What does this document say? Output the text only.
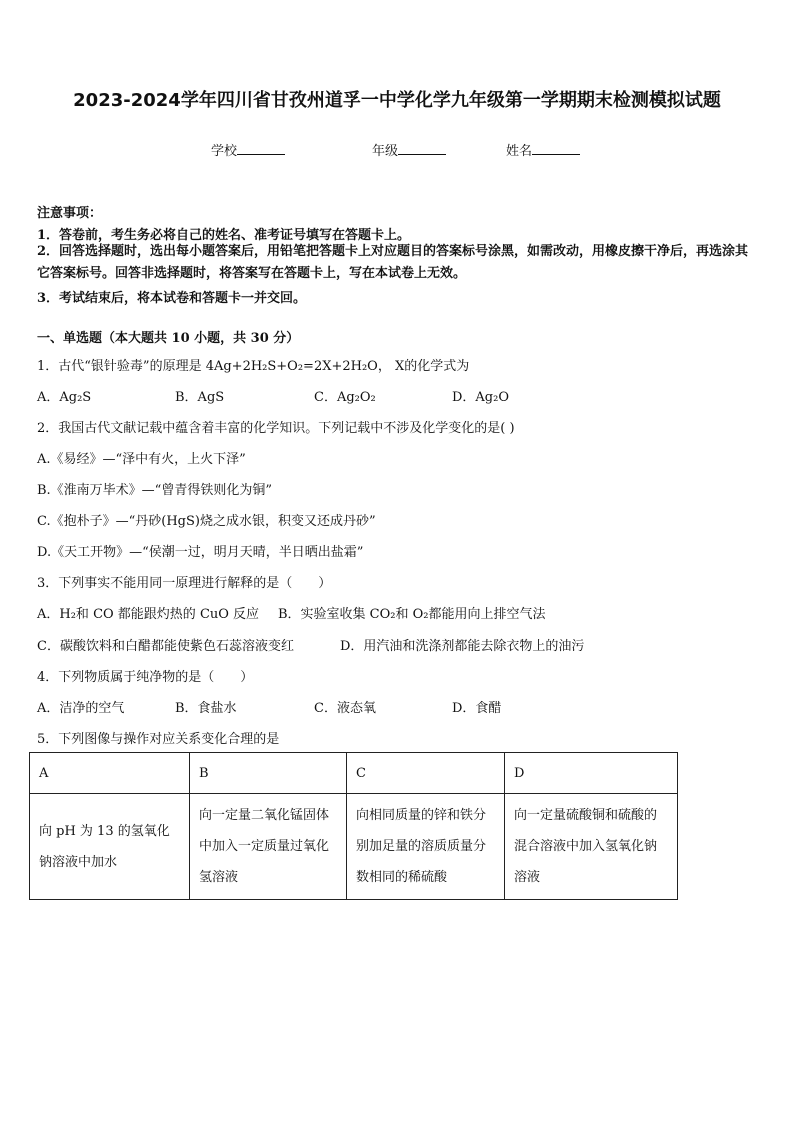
2023-2024学年四川省甘孜州道孚一中学化学九年级第一学期期末检测模拟试题
学校	年级	姓名
注意事项：
1．答卷前，考生务必将自己的姓名、准考证号填写在答题卡上。
2．回答选择题时，选出每小题答案后，用铅笔把答题卡上对应题目的答案标号涂黑，如需改动，用橡皮擦干净后，再选涂其它答案标号。回答非选择题时，将答案写在答题卡上，写在本试卷上无效。
3．考试结束后，将本试卷和答题卡一并交回。
一、单选题（本大题共 10 小题，共 30 分）
1．古代“银针验毒”的原理是 4Ag+2H₂S+O₂=2X+2H₂O， X的化学式为
A．Ag₂S	B．AgS	C．Ag₂O₂	D．Ag₂O
2．我国古代文献记载中蕴含着丰富的化学知识。下列记载中不涉及化学变化的是( )
A.《易经》—“泽中有火，上火下泽”
B.《淮南万毕术》—“曾青得铁则化为铜”
C.《抱朴子》—“丹砂(HgS)烧之成水银，积变又还成丹砂”
D.《天工开物》—“侯潮一过，明月天晴，半日晒出盐霜”
3．下列事实不能用同一原理进行解释的是（　　）
A．H₂和 CO 都能跟灼热的 CuO 反应 B．实验室收集 CO₂和 O₂都能用向上排空气法
C．碳酸饮料和白醋都能使紫色石蕊溶液变红	D．用汽油和洗涤剂都能去除衣物上的油污
4．下列物质属于纯净物的是（　　）
A．洁净的空气	B．食盐水	C．液态氧	D．食醋
5．下列图像与操作对应关系变化合理的是
A	B	C	D
向 pH 为 13 的氢氧化钠溶液中加水	向一定量二氧化锰固体中加入一定质量过氧化氢溶液	向相同质量的锌和铁分别加足量的溶质质量分数相同的稀硫酸	向一定量硫酸铜和硫酸的混合溶液中加入氢氧化钠溶液
